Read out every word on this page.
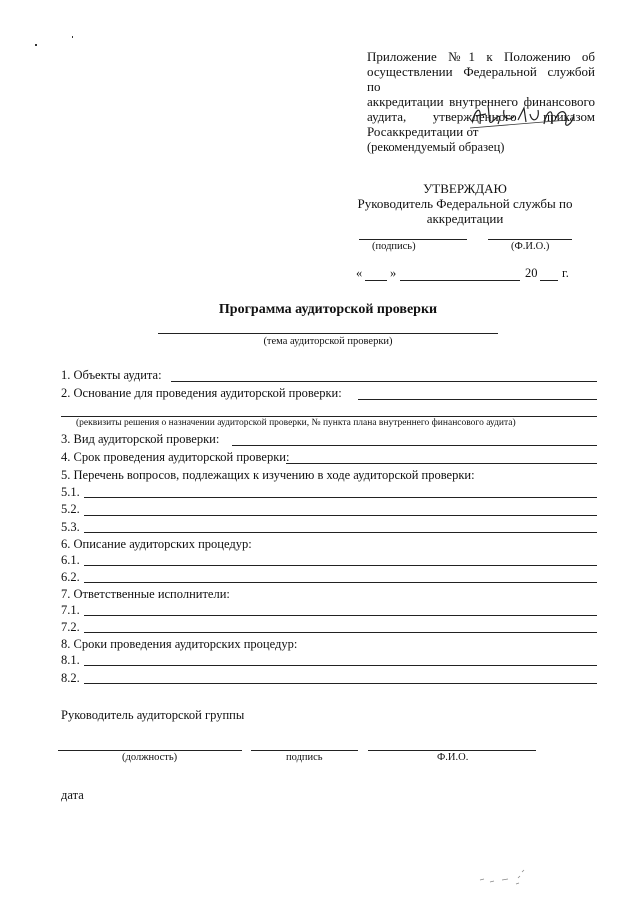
Приложение №1 к Положению об
осуществлении Федеральной службой по
аккредитации внутреннего финансового
аудита, утвержденного приказом
Росаккредитации от
(рекомендуемый образец)
УТВЕРЖДАЮ
Руководитель Федеральной службы по
аккредитации
(подпись)	(Ф.И.О.)
« »	20 г.
Программа аудиторской проверки
(тема аудиторской проверки)
1. Объекты аудита:
2. Основание для проведения аудиторской проверки:
(реквизиты решения о назначении аудиторской проверки, № пункта плана внутреннего финансового аудита)
3. Вид аудиторской проверки:
4. Срок проведения аудиторской проверки:
5. Перечень вопросов, подлежащих к изучению в ходе аудиторской проверки:
5.1.
5.2.
5.3.
6. Описание аудиторских процедур:
6.1.
6.2.
7. Ответственные исполнители:
7.1.
7.2.
8. Сроки проведения аудиторских процедур:
8.1.
8.2.
Руководитель аудиторской группы
(должность)	подпись	Ф.И.О.
дата
